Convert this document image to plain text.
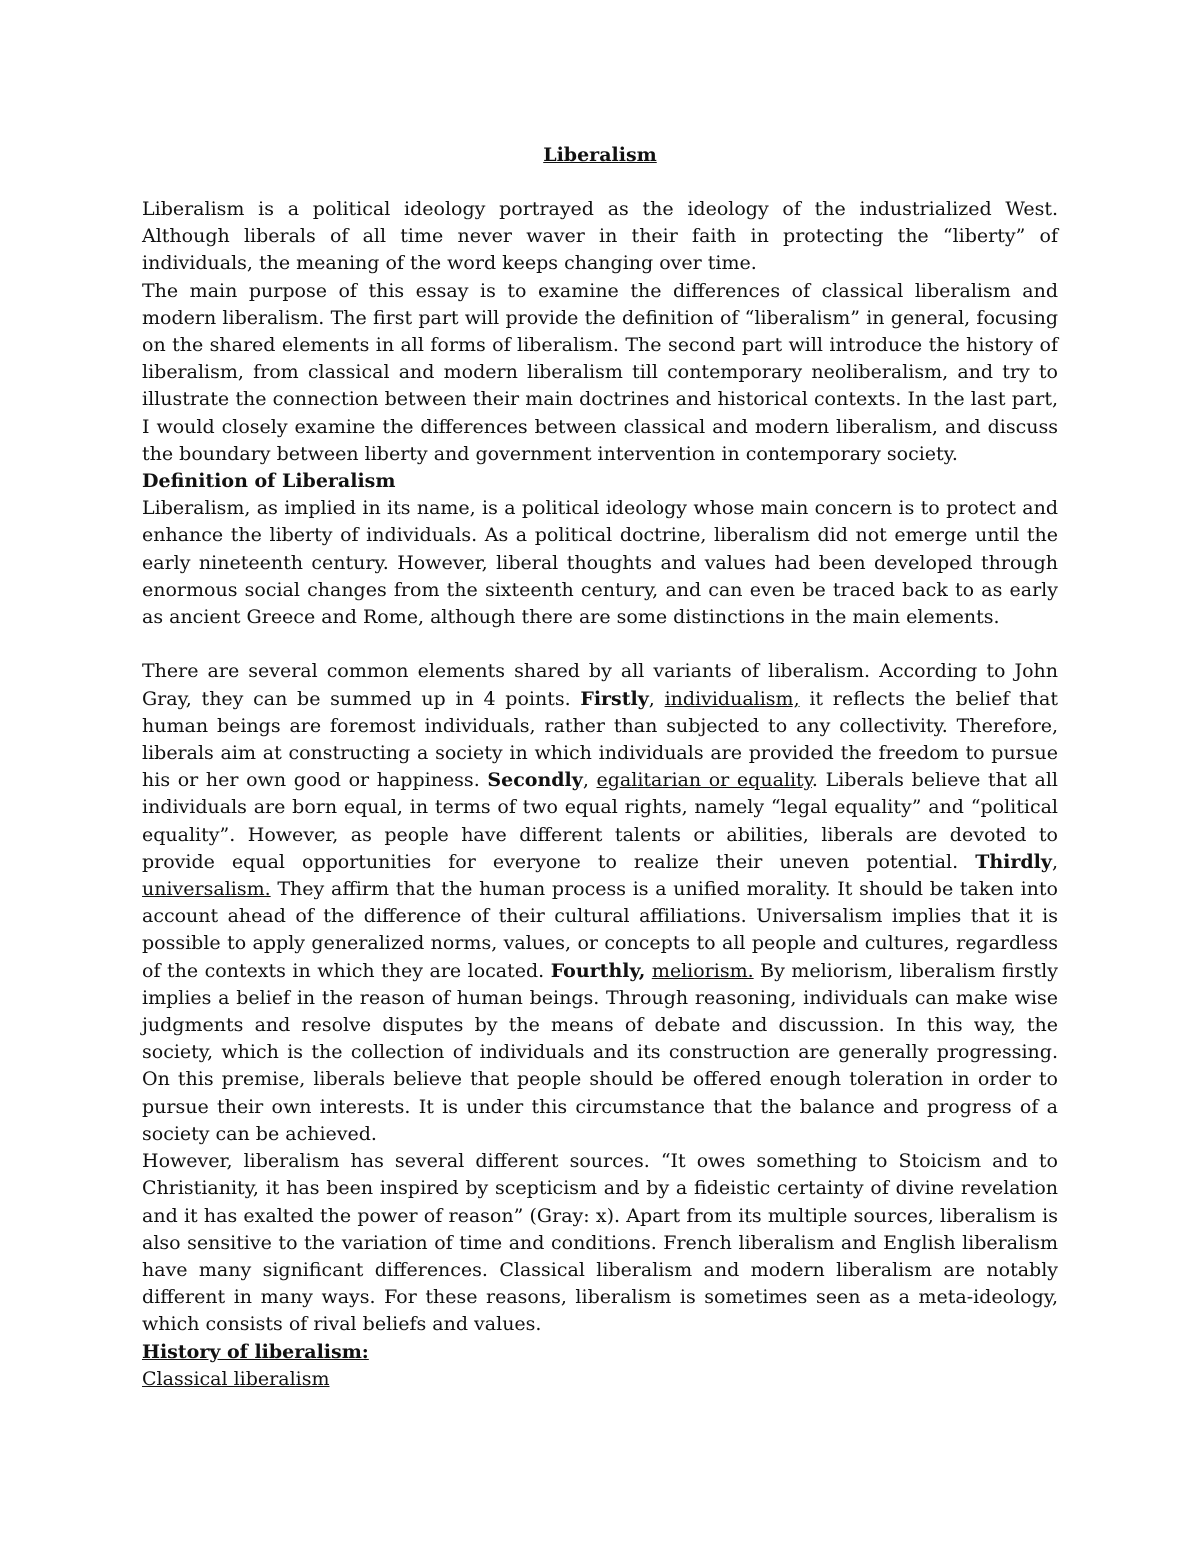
Liberalism

Liberalism is a political ideology portrayed as the ideology of the industrialized West. Although liberals of all time never waver in their faith in protecting the “liberty” of individuals, the meaning of the word keeps changing over time.

The main purpose of this essay is to examine the differences of classical liberalism and modern liberalism. The first part will provide the definition of “liberalism” in general, focusing on the shared elements in all forms of liberalism. The second part will introduce the history of liberalism, from classical and modern liberalism till contemporary neoliberalism, and try to illustrate the connection between their main doctrines and historical contexts. In the last part, I would closely examine the differences between classical and modern liberalism, and discuss the boundary between liberty and government intervention in contemporary society.

Definition of Liberalism

Liberalism, as implied in its name, is a political ideology whose main concern is to protect and enhance the liberty of individuals. As a political doctrine, liberalism did not emerge until the early nineteenth century. However, liberal thoughts and values had been developed through enormous social changes from the sixteenth century, and can even be traced back to as early as ancient Greece and Rome, although there are some distinctions in the main elements.

There are several common elements shared by all variants of liberalism. According to John Gray, they can be summed up in 4 points. Firstly, individualism, it reflects the belief that human beings are foremost individuals, rather than subjected to any collectivity. Therefore, liberals aim at constructing a society in which individuals are provided the freedom to pursue his or her own good or happiness. Secondly, egalitarian or equality. Liberals believe that all individuals are born equal, in terms of two equal rights, namely “legal equality” and “political equality”. However, as people have different talents or abilities, liberals are devoted to provide equal opportunities for everyone to realize their uneven potential. Thirdly, universalism. They affirm that the human process is a unified morality. It should be taken into account ahead of the difference of their cultural affiliations. Universalism implies that it is possible to apply generalized norms, values, or concepts to all people and cultures, regardless of the contexts in which they are located. Fourthly, meliorism. By meliorism, liberalism firstly implies a belief in the reason of human beings. Through reasoning, individuals can make wise judgments and resolve disputes by the means of debate and discussion. In this way, the society, which is the collection of individuals and its construction are generally progressing. On this premise, liberals believe that people should be offered enough toleration in order to pursue their own interests. It is under this circumstance that the balance and progress of a society can be achieved.

However, liberalism has several different sources. “It owes something to Stoicism and to Christianity, it has been inspired by scepticism and by a fideistic certainty of divine revelation and it has exalted the power of reason” (Gray: x). Apart from its multiple sources, liberalism is also sensitive to the variation of time and conditions. French liberalism and English liberalism have many significant differences. Classical liberalism and modern liberalism are notably different in many ways. For these reasons, liberalism is sometimes seen as a meta-ideology, which consists of rival beliefs and values.

History of liberalism:
Classical liberalism
